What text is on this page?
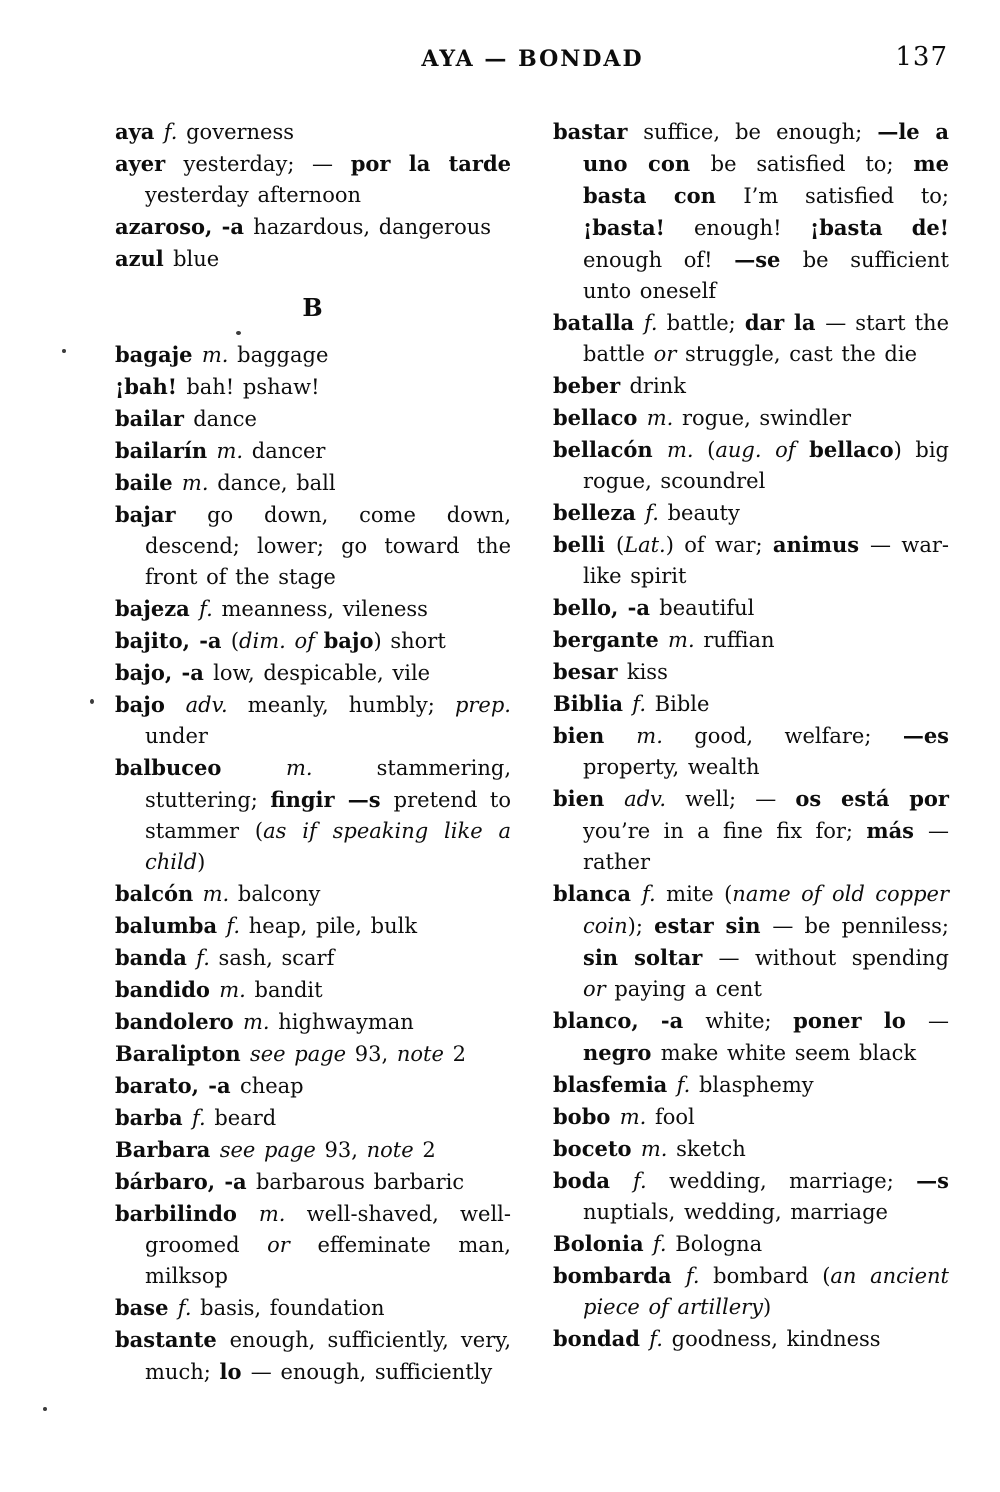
AYA — BONDAD	137

aya f. governess

ayer yesterday; — por la tarde yesterday afternoon

azaroso, -a hazardous, dangerous

azul blue

B

bagaje m. baggage

¡bah! bah! pshaw!

bailar dance

bailarín m. dancer

baile m. dance, ball

bajar go down, come down, descend; lower; go toward the front of the stage

bajeza f. meanness, vileness

bajito, -a (dim. of bajo) short

bajo, -a low, despicable, vile

bajo adv. meanly, humbly; prep. under

balbuceo m. stammering, stuttering; fingir —s pretend to stammer (as if speaking like a child)

balcón m. balcony

balumba f. heap, pile, bulk

banda f. sash, scarf

bandido m. bandit

bandolero m. highwayman

Baralipton see page 93, note 2

barato, -a cheap

barba f. beard

Barbara see page 93, note 2

bárbaro, -a barbarous barbaric

barbilindo m. well-shaved, well-groomed or effeminate man, milksop

base f. basis, foundation

bastante enough, sufficiently, very, much; lo — enough, sufficiently

bastar suffice, be enough; —le a uno con be satisfied to; me basta con I’m satisfied to; ¡basta! enough! ¡basta de! enough of! —se be sufficient unto oneself

batalla f. battle; dar la — start the battle or struggle, cast the die

beber drink

bellaco m. rogue, swindler

bellacón m. (aug. of bellaco) big rogue, scoundrel

belleza f. beauty

belli (Lat.) of war; animus — war-like spirit

bello, -a beautiful

bergante m. ruffian

besar kiss

Biblia f. Bible

bien m. good, welfare; —es property, wealth

bien adv. well; — os está por you’re in a fine fix for; más — rather

blanca f. mite (name of old copper coin); estar sin — be penniless; sin soltar — without spending or paying a cent

blanco, -a white; poner lo — negro make white seem black

blasfemia f. blasphemy

bobo m. fool

boceto m. sketch

boda f. wedding, marriage; —s nuptials, wedding, marriage

Bolonia f. Bologna

bombarda f. bombard (an ancient piece of artillery)

bondad f. goodness, kindness
